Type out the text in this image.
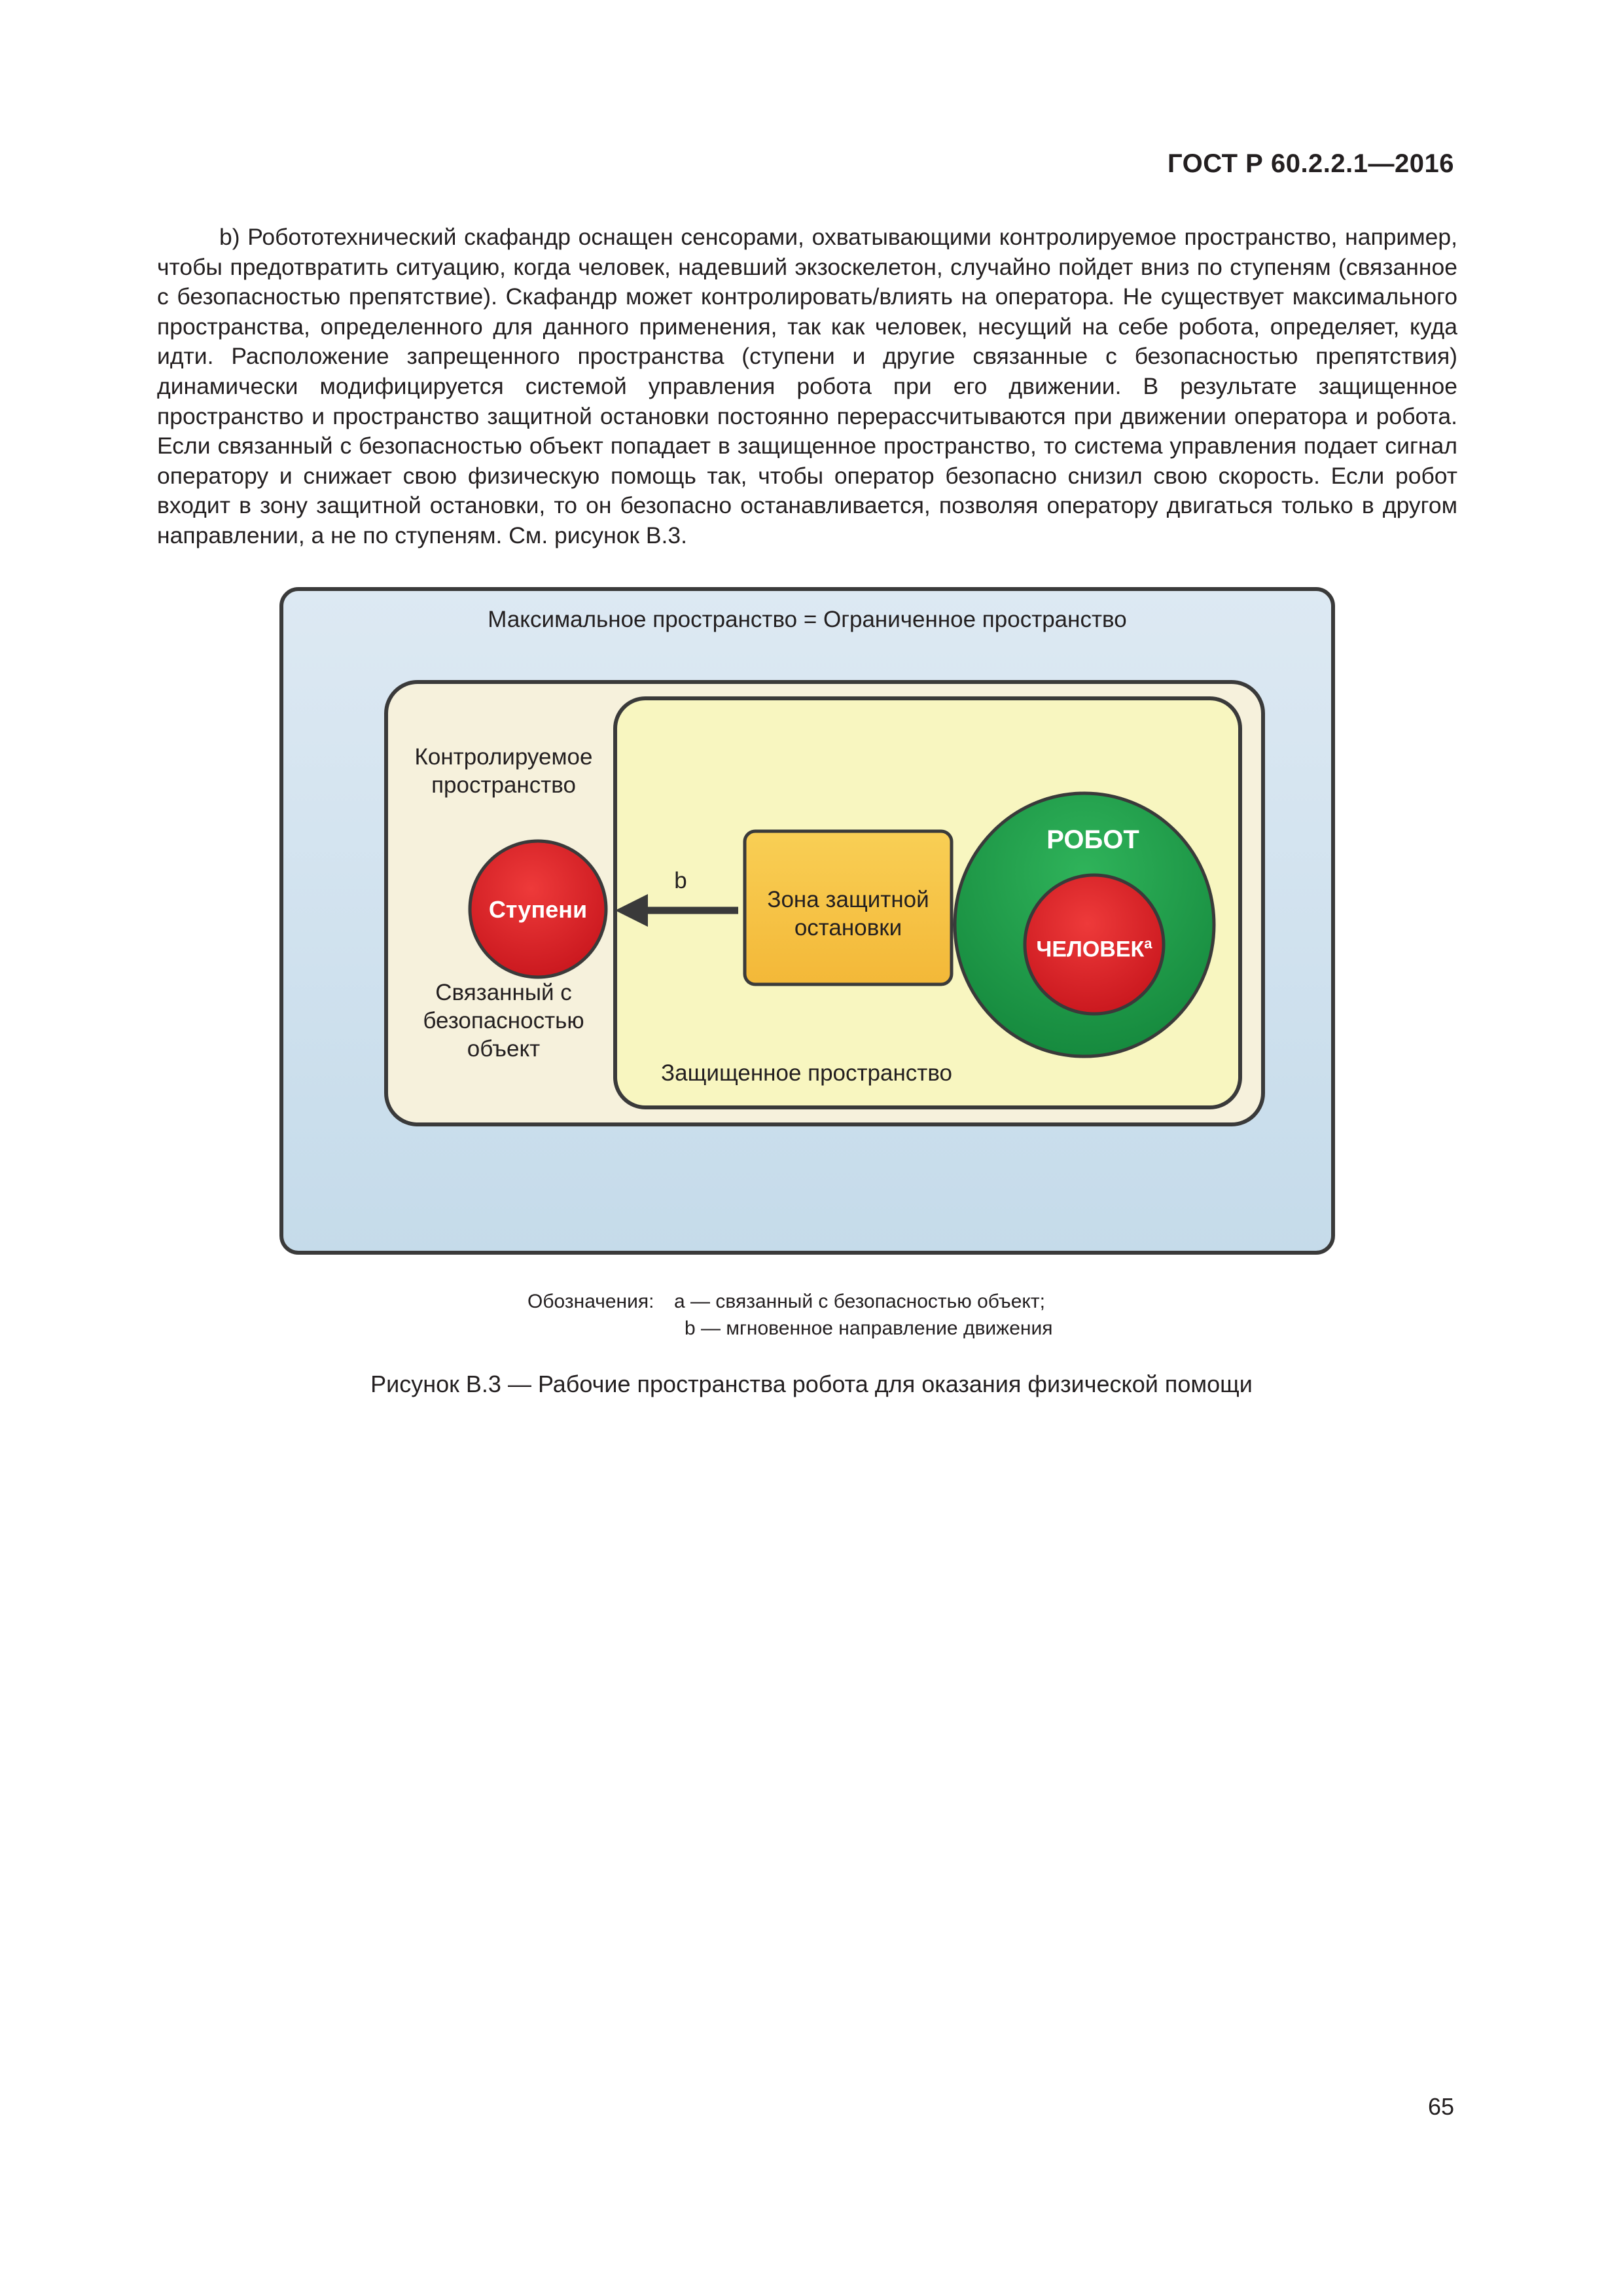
ГОСТ Р 60.2.2.1—2016

b) Робототехнический скафандр оснащен сенсорами, охватывающими контролируемое пространство, например, чтобы предотвратить ситуацию, когда человек, надевший экзоскелетон, случайно пойдет вниз по ступеням (связанное с безопасностью препятствие). Скафандр может контролировать/влиять на оператора. Не существует максимального пространства, определенного для данного применения, так как человек, несущий на себе робота, определяет, куда идти. Расположение запрещенного пространства (ступени и другие связанные с безопасностью препятствия) динамически модифицируется системой управления робота при его движении. В результате защищенное пространство и пространство защитной остановки постоянно перерассчитываются при движении оператора и робота. Если связанный с безопасностью объект попадает в защищенное пространство, то система управления подает сигнал оператору и снижает свою физическую помощь так, чтобы оператор безопасно снизил свою скорость. Если робот входит в зону защитной остановки, то он безопасно останавливается, позволяя оператору двигаться только в другом направлении, а не по ступеням. См. рисунок В.3.

Максимальное пространство = Ограниченное пространство
Контролируемое
пространство
Ступени
Связанный с
безопасностью
объект
b
Зона защитной
остановки
РОБОТ
$ЧЕЛОВЕК^а$
Защищенное пространство
Обозначения: а — связанный с безопасностью объект;
b — мгновенное направление движения
Рисунок В.3 — Рабочие пространства робота для оказания физической помощи
65
